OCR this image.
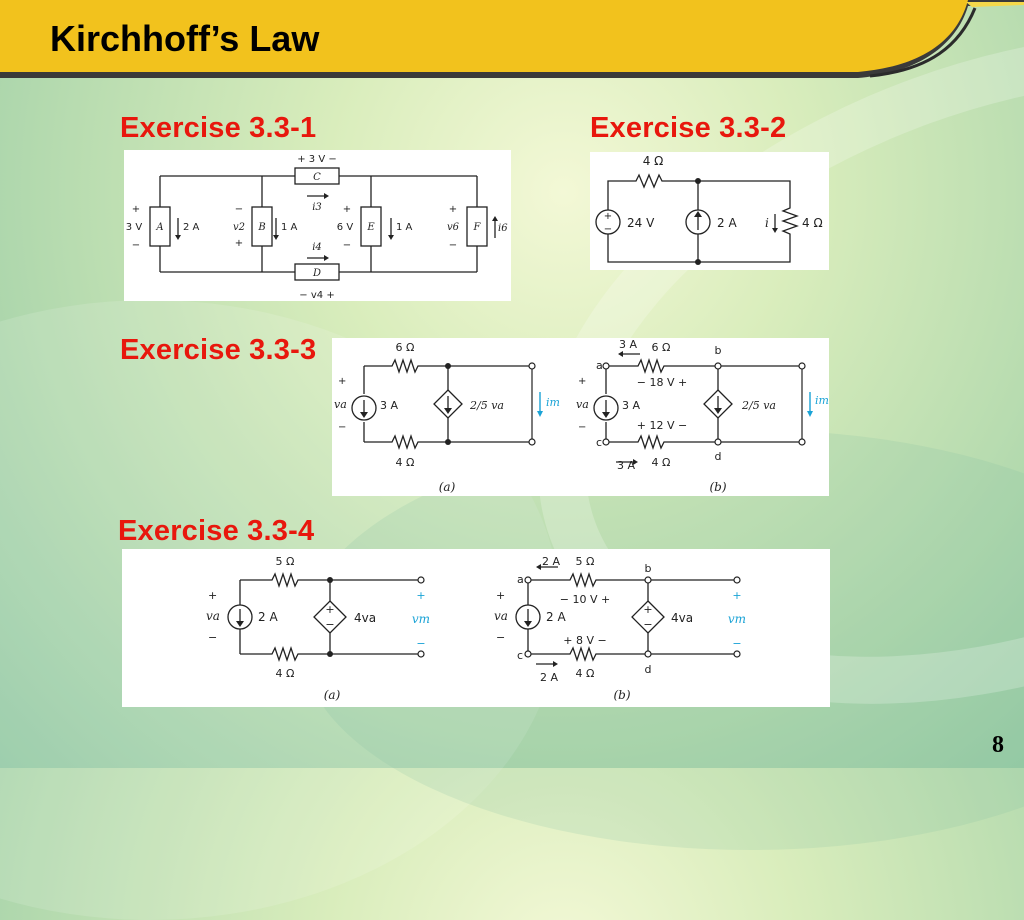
Kirchhoff’s Law

Exercise 3.3-1

+ 3 V −
C
i3
i4
D
− v4 +
+
3 V
−
A 2 A
−
v2
+
B 1 A
+
6 V
−
E 1 A
+
v6
−
F i6

Exercise 3.3-2

4 Ω
+
− 24 V	2 A i	4 Ω

Exercise 3.3-3	6 Ω
4 Ω
+
va
−
3 A	2/5 va	im
(a)
a
b
c
d
3 A 6 Ω
− 18 V +
+
va
−
3 A
+ 12 V −
4 Ω
3 A
2/5 va	im
(b)

Exercise 3.3-4

+
−
5 Ω
4 Ω
+
va
−
2 A	4va
+
vm
−
(a)
+
−
a
b
c
d
2 A 5 Ω
− 10 V +
+
va
−
2 A
+ 8 V −
4 Ω
2 A
4va
+
vm
−
(b)

8
